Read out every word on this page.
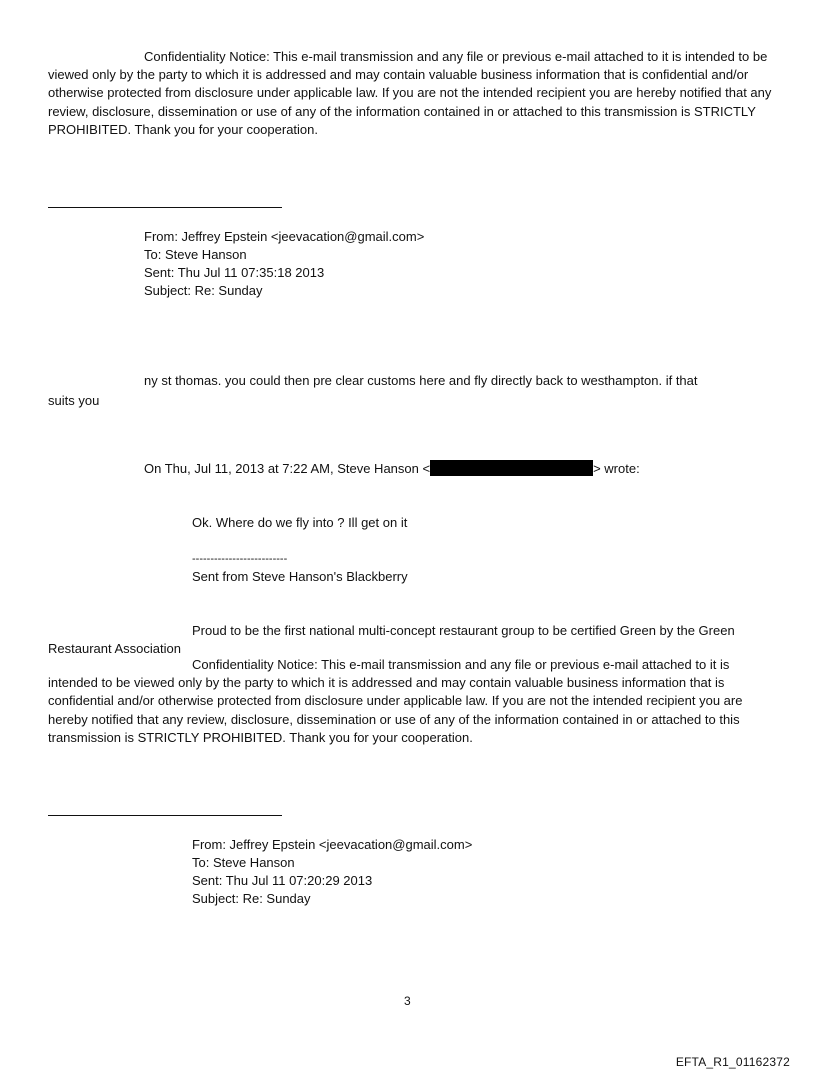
Confidentiality Notice: This e-mail transmission and any file or previous e-mail attached to it is intended to be viewed only by the party to which it is addressed and may contain valuable business information that is confidential and/or otherwise protected from disclosure under applicable law. If you are not the intended recipient you are hereby notified that any review, disclosure, dissemination or use of any of the information contained in or attached to this transmission is STRICTLY PROHIBITED. Thank you for your cooperation.
From: Jeffrey Epstein <jeevacation@gmail.com>
To: Steve Hanson
Sent: Thu Jul 11 07:35:18 2013
Subject: Re: Sunday
ny st thomas. you could then pre clear customs here and fly directly back to westhampton. if that
suits you
On Thu, Jul 11, 2013 at 7:22 AM, Steve Hanson <	> wrote:
Ok. Where do we fly into ? Ill get on it
--------------------------
Sent from Steve Hanson's Blackberry
Proud to be the first national multi-concept restaurant group to be certified Green by the Green
Restaurant Association
Confidentiality Notice: This e-mail transmission and any file or previous e-mail attached to it is intended to be viewed only by the party to which it is addressed and may contain valuable business information that is confidential and/or otherwise protected from disclosure under applicable law. If you are not the intended recipient you are hereby notified that any review, disclosure, dissemination or use of any of the information contained in or attached to this transmission is STRICTLY PROHIBITED. Thank you for your cooperation.
From: Jeffrey Epstein <jeevacation@gmail.com>
To: Steve Hanson
Sent: Thu Jul 11 07:20:29 2013
Subject: Re: Sunday
3
EFTA_R1_01162372
